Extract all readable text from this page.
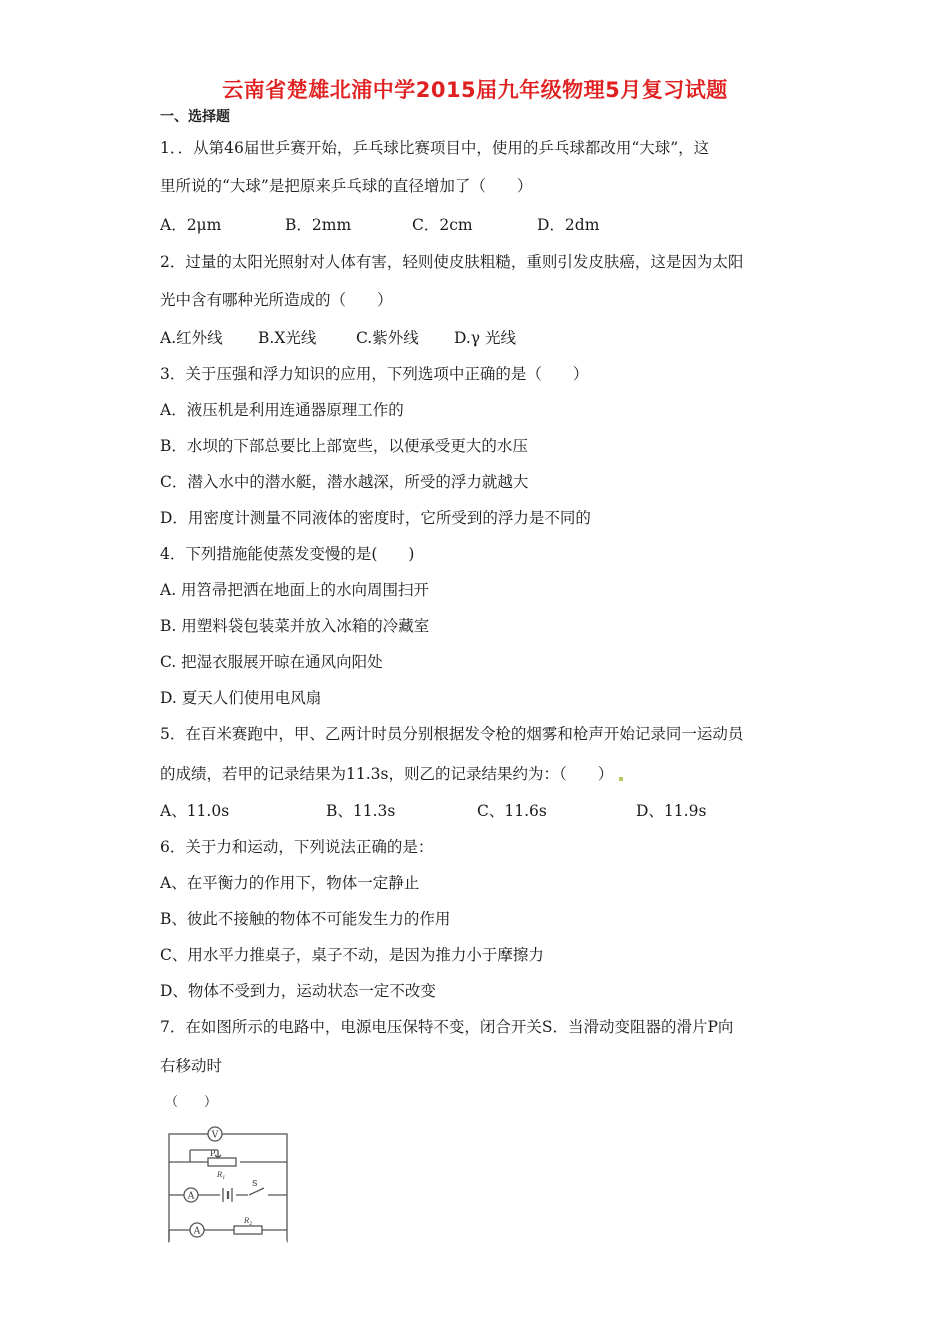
云南省楚雄北浦中学2015届九年级物理5月复习试题
一、选择题
1．．从第46届世乒赛开始，乒乓球比赛项目中，使用的乒乓球都改用“大球”，这
里所说的“大球”是把原来乒乓球的直径增加了（　　）
A．2μm	B．2mm	C．2cm	D．2dm
2．过量的太阳光照射对人体有害，轻则使皮肤粗糙，重则引发皮肤癌，这是因为太阳
光中含有哪种光所造成的（　　）
A.红外线 B.X光线	C.紫外线 D.γ 光线
3．关于压强和浮力知识的应用，下列选项中正确的是（　　）
A．液压机是利用连通器原理工作的
B．水坝的下部总要比上部宽些，以便承受更大的水压
C．潜入水中的潜水艇，潜水越深，所受的浮力就越大
D．用密度计测量不同液体的密度时，它所受到的浮力是不同的
4．下列措施能使蒸发变慢的是(　　)
A. 用笤帚把洒在地面上的水向周围扫开
B. 用塑料袋包装菜并放入冰箱的冷藏室
C. 把湿衣服展开晾在通风向阳处
D. 夏天人们使用电风扇
5．在百米赛跑中，甲、乙两计时员分别根据发令枪的烟雾和枪声开始记录同一运动员
的成绩，若甲的记录结果为11.3s，则乙的记录结果约为：（　　）
A、11.0s	B、11.3s	C、11.6s	D、11.9s
6．关于力和运动，下列说法正确的是：
A、在平衡力的作用下，物体一定静止
B、彼此不接触的物体不可能发生力的作用
C、用水平力推桌子，桌子不动，是因为推力小于摩擦力
D、物体不受到力，运动状态一定不改变
7．在如图所示的电路中，电源电压保特不变，闭合开关S．当滑动变阻器的滑片P向
右移动时
（　　）
V
P
$R_1$
A
S
A
$R_2$
